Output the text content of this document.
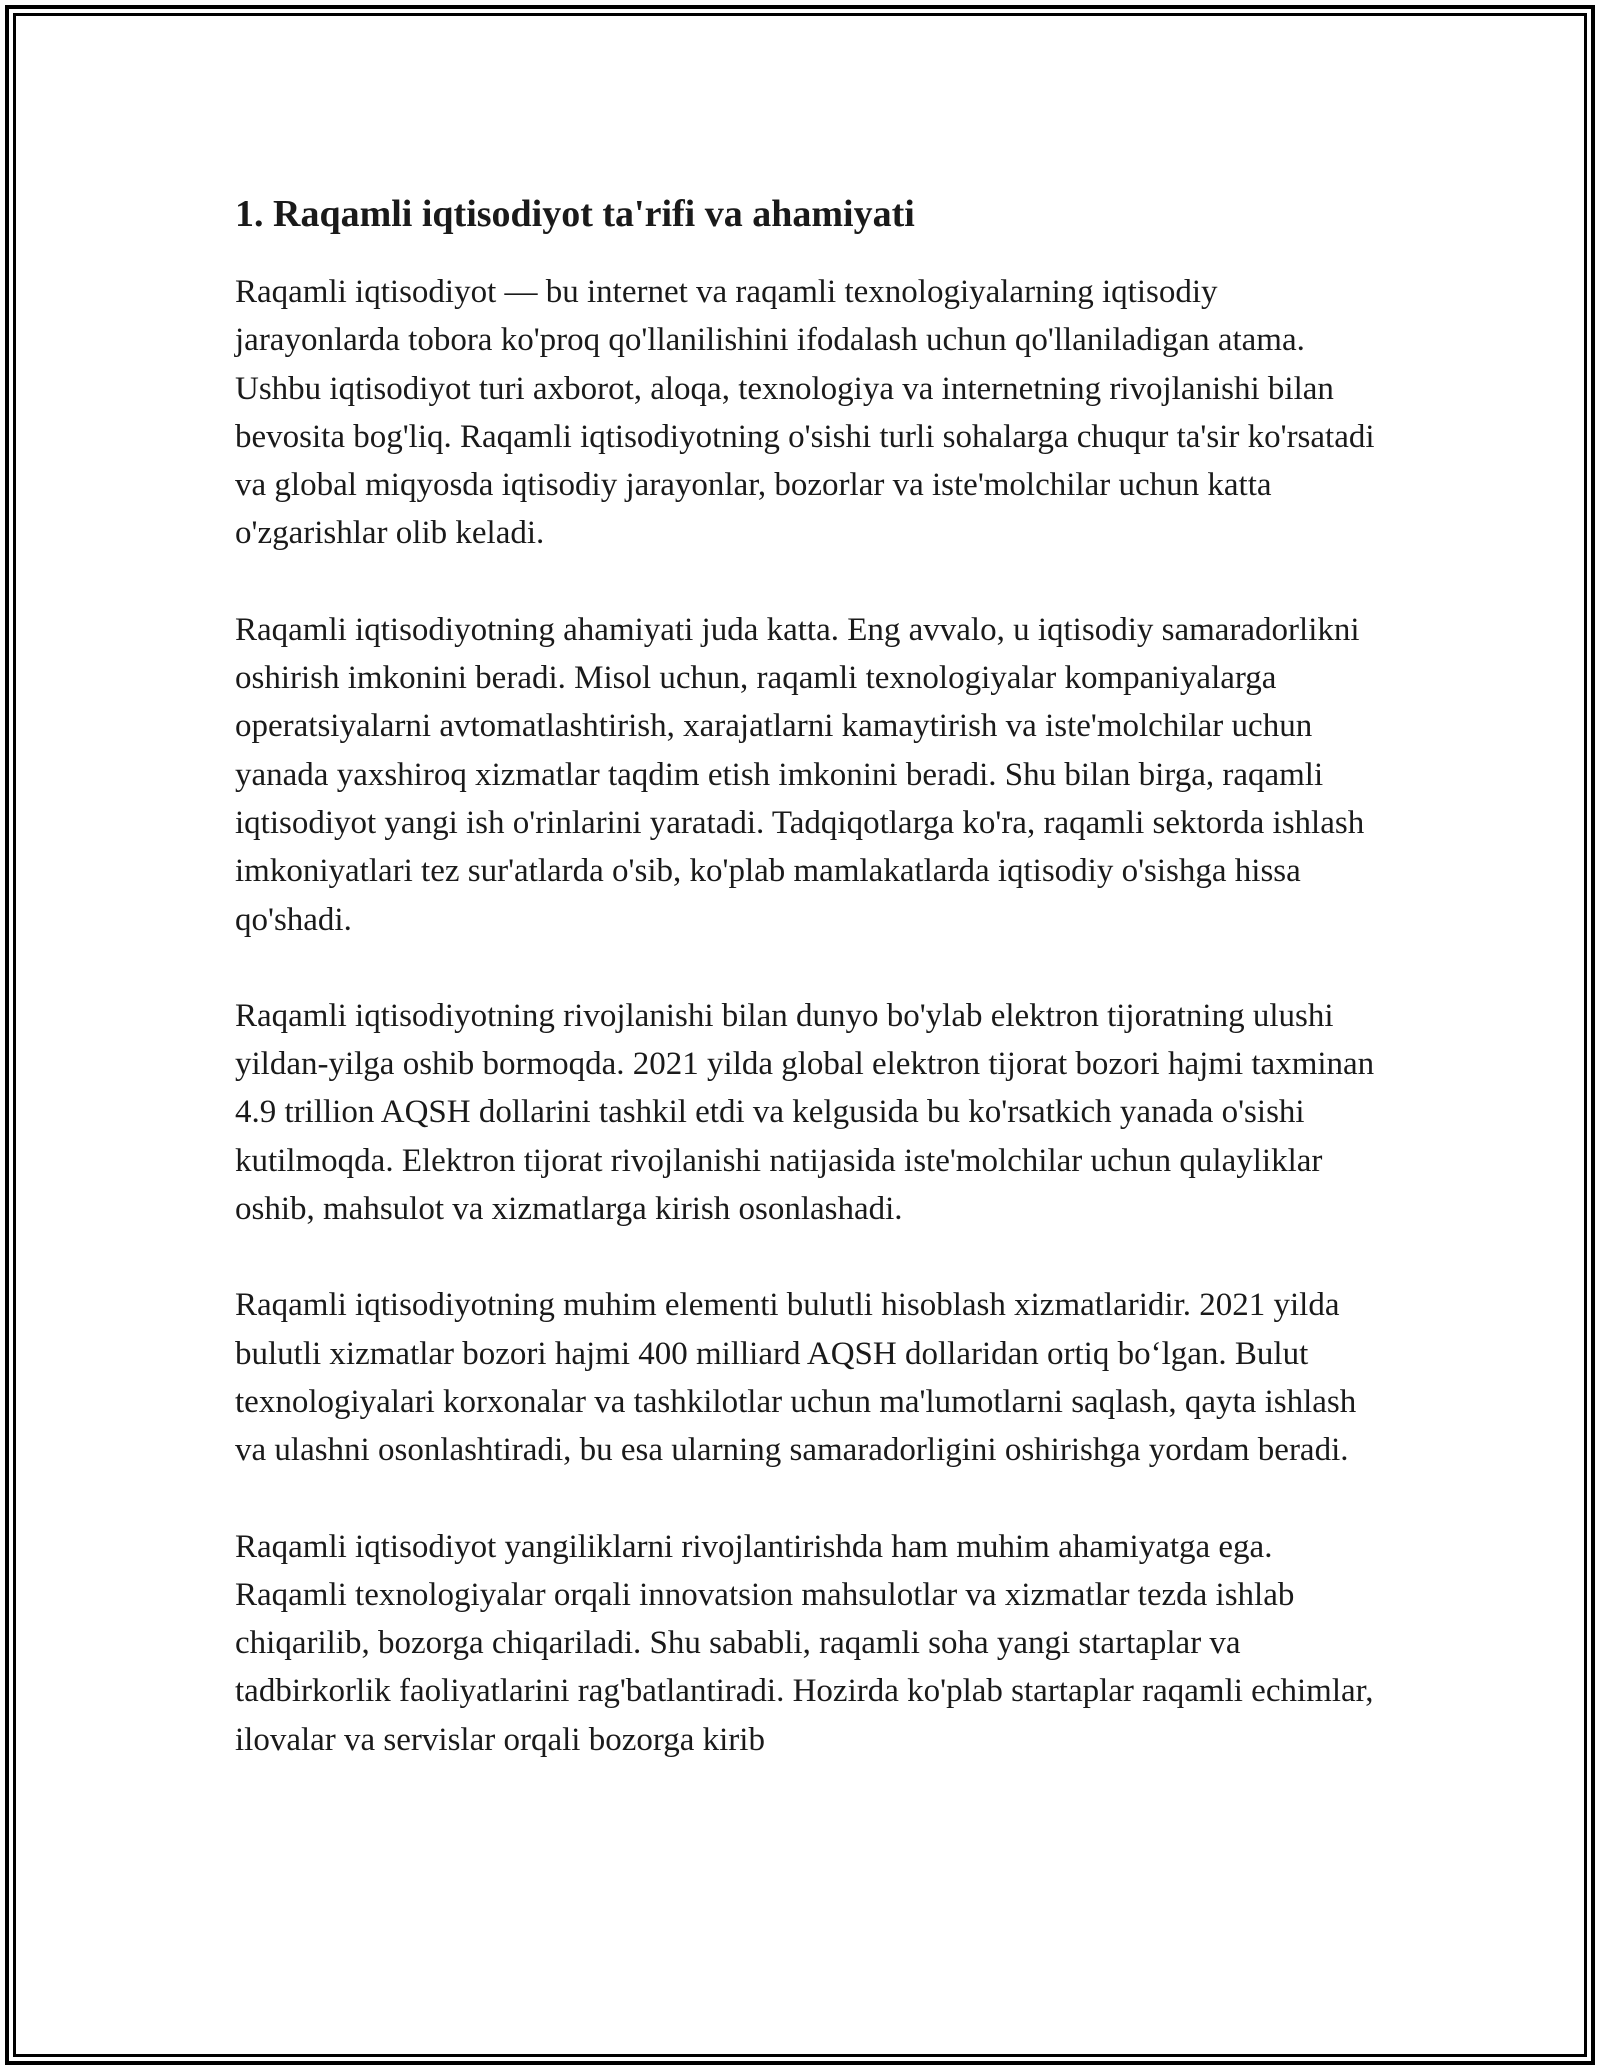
1. Raqamli iqtisodiyot ta'rifi va ahamiyati

Raqamli iqtisodiyot — bu internet va raqamli texnologiyalarning iqtisodiy jarayonlarda tobora ko'proq qo'llanilishini ifodalash uchun qo'llaniladigan atama. Ushbu iqtisodiyot turi axborot, aloqa, texnologiya va internetning rivojlanishi bilan bevosita bog'liq. Raqamli iqtisodiyotning o'sishi turli sohalarga chuqur ta'sir ko'rsatadi va global miqyosda iqtisodiy jarayonlar, bozorlar va iste'molchilar uchun katta o'zgarishlar olib keladi.

Raqamli iqtisodiyotning ahamiyati juda katta. Eng avvalo, u iqtisodiy samaradorlikni oshirish imkonini beradi. Misol uchun, raqamli texnologiyalar kompaniyalarga operatsiyalarni avtomatlashtirish, xarajatlarni kamaytirish va iste'molchilar uchun yanada yaxshiroq xizmatlar taqdim etish imkonini beradi. Shu bilan birga, raqamli iqtisodiyot yangi ish o'rinlarini yaratadi. Tadqiqotlarga ko'ra, raqamli sektorda ishlash imkoniyatlari tez sur'atlarda o'sib, ko'plab mamlakatlarda iqtisodiy o'sishga hissa qo'shadi.

Raqamli iqtisodiyotning rivojlanishi bilan dunyo bo'ylab elektron tijoratning ulushi yildan-yilga oshib bormoqda. 2021 yilda global elektron tijorat bozori hajmi taxminan 4.9 trillion AQSH dollarini tashkil etdi va kelgusida bu ko'rsatkich yanada o'sishi kutilmoqda. Elektron tijorat rivojlanishi natijasida iste'molchilar uchun qulayliklar oshib, mahsulot va xizmatlarga kirish osonlashadi.

Raqamli iqtisodiyotning muhim elementi bulutli hisoblash xizmatlaridir. 2021 yilda bulutli xizmatlar bozori hajmi 400 milliard AQSH dollaridan ortiq bo‘lgan. Bulut texnologiyalari korxonalar va tashkilotlar uchun ma'lumotlarni saqlash, qayta ishlash va ulashni osonlashtiradi, bu esa ularning samaradorligini oshirishga yordam beradi.

Raqamli iqtisodiyot yangiliklarni rivojlantirishda ham muhim ahamiyatga ega. Raqamli texnologiyalar orqali innovatsion mahsulotlar va xizmatlar tezda ishlab chiqarilib, bozorga chiqariladi. Shu sababli, raqamli soha yangi startaplar va tadbirkorlik faoliyatlarini rag'batlantiradi. Hozirda ko'plab startaplar raqamli echimlar, ilovalar va servislar orqali bozorga kirib
